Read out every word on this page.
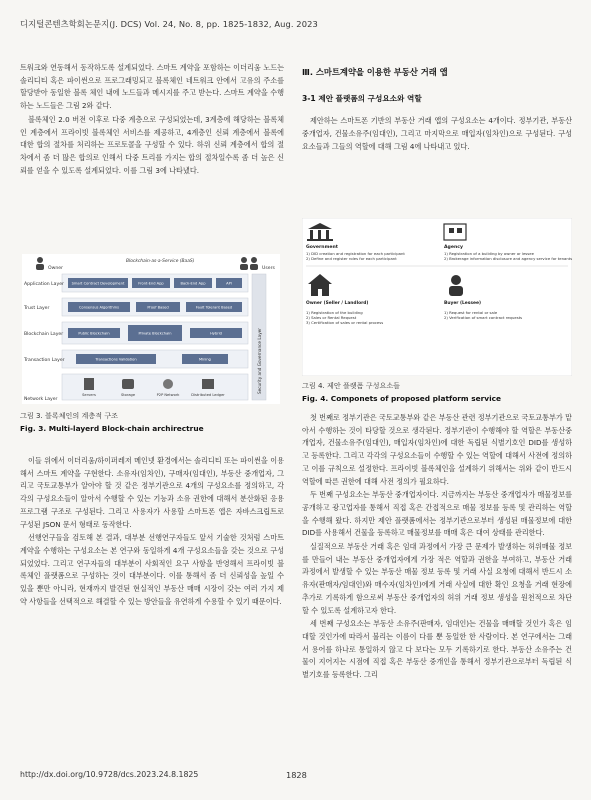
디지털콘텐츠학회논문지(J. DCS) Vol. 24, No. 8, pp. 1825-1832, Aug. 2023

트워크와 연동해서 동작하도록 설계되었다. 스마트 계약을 포함하는 이더리움 노드는 솔리디티 혹은 파이썬으로 프로그래밍되고 블록체인 네트워크 안에서 고유의 주소를 할당받아 동일한 블록 체인 내에 노드들과 메시지를 주고 받는다. 스마트 계약을 수행하는 노드들은 그림 2와 같다.

블록체인 2.0 버전 이후로 다중 계층으로 구성되었는데, 3계층에 해당하는 블록체인 계층에서 프라이빗 블록체인 서비스를 제공하고, 4계층인 신뢰 계층에서 블록에 대한 합의 절차를 처리하는 프로토콜을 구성할 수 있다. 하위 신뢰 계층에서 합의 절차에서 좀 더 많은 합의로 인해서 다중 트리를 가지는 합의 절차일수록 좀 더 높은 신뢰를 얻을 수 있도록 설계되었다. 이를 그림 3에 나타냈다.

Owner
Blockchain-as-a-Service (BaaS)
Users
Application Layer
Trust Layer
Blockchain Layer
Transaction Layer
Network Layer
Smart Contract Development	Front-End App	Back-End App	API
Consensus Algorithms	Proof Based	Fault Tolerant Based
Public Blockchain	Private Blockchain	Hybrid
Transactions Validation	Mining
Servers	Storage	P2P Network	Distributed Ledger
Security and Governance Layer
그림 3. 블록체인의 계층적 구조
Fig. 3. Multi-layerd Block-chain archirectrue

이들 위에서 이더리움/하이퍼레저 메인넷 환경에서는 솔리디티 또는 파이썬을 이용해서 스마트 계약을 구현한다. 소유자(임차인), 구매자(임대인), 부동산 중개업자, 그리고 국토교통부가 알아야 할 것 같은 정부기관으로 4개의 구성요소를 정의하고, 각각의 구성요소들이 알아서 수행할 수 있는 기능과 소유 권한에 대해서 분산화된 응용프로그램 구조로 구성된다. 그리고 사용자가 사용할 스마트폰 앱은 자바스크립트로 구성된 JSON 문서 형태로 동작한다.

선행연구들을 검토해 본 결과, 대부분 선행연구자들도 앞서 기술한 것처럼 스마트 계약을 수행하는 구성요소는 본 연구와 동일하게 4개 구성요소들을 갖는 것으로 구성되었었다. 그리고 연구자들의 대부분이 사회적인 요구 사항을 반영해서 프라이빗 블록체인 플랫폼으로 구성하는 것이 대부분이다. 이를 통해서 좀 더 신뢰성을 높일 수 있을 뿐만 아니라, 현재까지 발견된 현실적인 부동산 매매 시장이 갖는 여러 가지 제약 사항들을 선택적으로 해결할 수 있는 방안들을 유연하게 수용할 수 있기 때문이다.

Ⅲ. 스마트계약을 이용한 부동산 거래 앱
3-1 제안 플랫폼의 구성요소와 역할

제안하는 스마트폰 기반의 부동산 거래 앱의 구성요소는 4개이다. 정부기관, 부동산 중개업자, 건물소유주(임대인), 그리고 마지막으로 매입자(임차인)으로 구성된다. 구성요소들과 그들의 역할에 대해 그림 4에 나타내고 있다.

Government	Agency
1) DID creation and registration for each participant
2) Define and register roles for each participant
1) Registration of a building by owner or lessee
2) Brokerage information disclosure and agency service for tenants
Owner (Seller / Landlord)
1) Registration of the building
2) Sales or Rental Request
3) Certification of sales or rental process
Buyer (Lessee)
1) Request for rental or sale
2) Verification of smart contract requests
그림 4. 제안 플랫폼 구성요소들
Fig. 4. Componets of proposed platform service

첫 번째로 정부기관은 국토교통부와 같은 부동산 관련 정부기관으로 국토교통부가 맡아서 수행하는 것이 타당할 것으로 생각된다. 정부기관이 수행해야 할 역할은 부동산중개업자, 건물소유주(임대인), 매입자(임차인)에 대한 독립된 식별기호인 DID를 생성하고 등록한다. 그리고 각각의 구성요소들이 수행할 수 있는 역할에 대해서 사전에 정의하고 이를 규칙으로 설정한다. 프라이빗 블록체인을 설계하기 위해서는 위와 같이 반드시 역할에 따른 권한에 대해 사전 정의가 필요하다.

두 번째 구성요소는 부동산 중개업자이다. 지금까지는 부동산 중개업자가 매물정보를 공개하고 광고업자를 통해서 직접 혹은 간접적으로 매물 정보를 등록 및 관리하는 역할을 수행해 왔다. 하지만 제안 플랫폼에서는 정부기관으로부터 생성된 매물정보에 대한 DID를 사용해서 건물을 등록하고 매물정보를 매매 혹은 대여 상태를 관리한다.

실질적으로 부동산 거래 혹은 임대 과정에서 가장 큰 문제가 발생하는 허위매물 정보를 만들어 내는 부동산 중개업자에게 가장 적은 역할과 권한을 부여하고, 부동산 거래 과정에서 발생할 수 있는 부동산 매물 정보 등록 및 거래 사실 요청에 대해서 반드시 소유자(판매자/임대인)와 매수자(임차인)에게 거래 사실에 대한 확인 요청을 거래 현장에 추가로 기록하게 함으로써 부동산 중개업자의 허위 거래 정보 생성을 원천적으로 차단할 수 있도록 설계하고자 한다.

세 번째 구성요소는 부동산 소유주(판매자, 임대인)는 건물을 매매할 것인가 혹은 임대할 것인가에 따라서 불리는 이름이 다를 뿐 동일한 한 사람이다. 본 연구에서는 그래서 용어를 하나로 통일하지 않고 다 보다는 모두 기록하기로 한다. 부동산 소유주는 건물이 지어지는 시점에 직접 혹은 부동산 중개인을 통해서 정부기관으로부터 독립된 식별기호를 등록한다. 그리

http://dx.doi.org/10.9728/dcs.2023.24.8.1825	1828
